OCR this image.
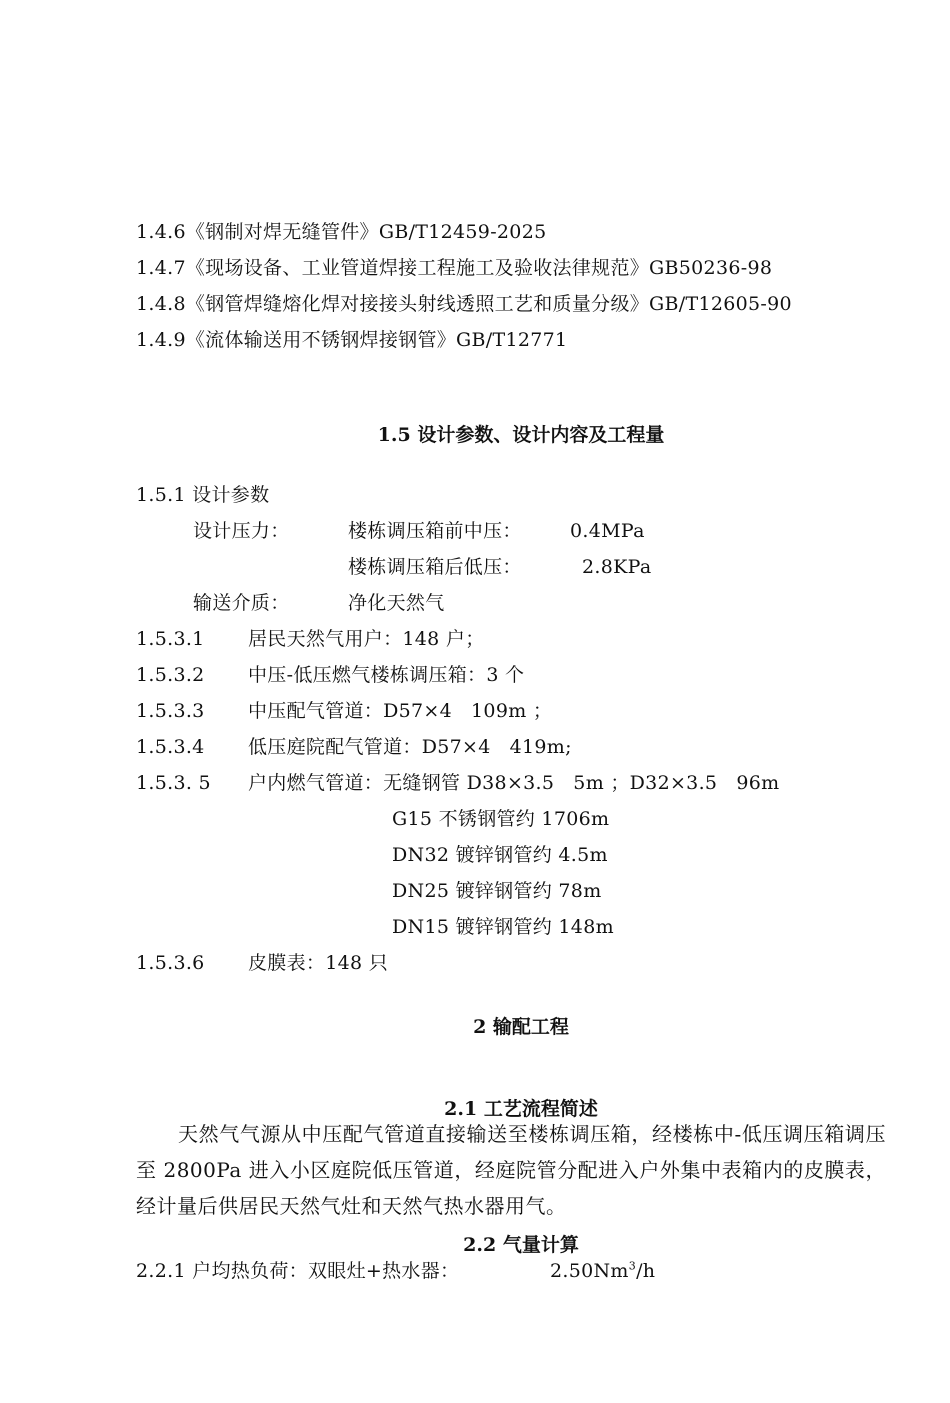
1.4.6《钢制对焊无缝管件》GB/T12459-2025
1.4.7《现场设备、工业管道焊接工程施工及验收法律规范》GB50236-98
1.4.8《钢管焊缝熔化焊对接接头射线透照工艺和质量分级》GB/T12605-90
1.4.9《流体输送用不锈钢焊接钢管》GB/T12771
1.5 设计参数、设计内容及工程量
1.5.1 设计参数
设计压力：	楼栋调压箱前中压：	0.4MPa
楼栋调压箱后低压：	2.8KPa
输送介质：	净化天然气
1.5.3.1 居民天然气用户：148 户；
1.5.3.2 中压-低压燃气楼栋调压箱：3 个
1.5.3.3 中压配气管道：D57×4   109m ；
1.5.3.4 低压庭院配气管道：D57×4   419m;
1.5.3. 5 户内燃气管道：无缝钢管 D38×3.5   5m ；D32×3.5   96m
G15 不锈钢管约 1706m
DN32 镀锌钢管约 4.5m
DN25 镀锌钢管约 78m
DN15 镀锌钢管约 148m
1.5.3.6 皮膜表：148 只
2 输配工程
2.1 工艺流程简述
天然气气源从中压配气管道直接输送至楼栋调压箱，经楼栋中-低压调压箱调压至 2800Pa 进入小区庭院低压管道，经庭院管分配进入户外集中表箱内的皮膜表，经计量后供居民天然气灶和天然气热水器用气。
2.2 气量计算
2.2.1 户均热负荷：双眼灶+热水器：	2.50Nm$^3$/h
